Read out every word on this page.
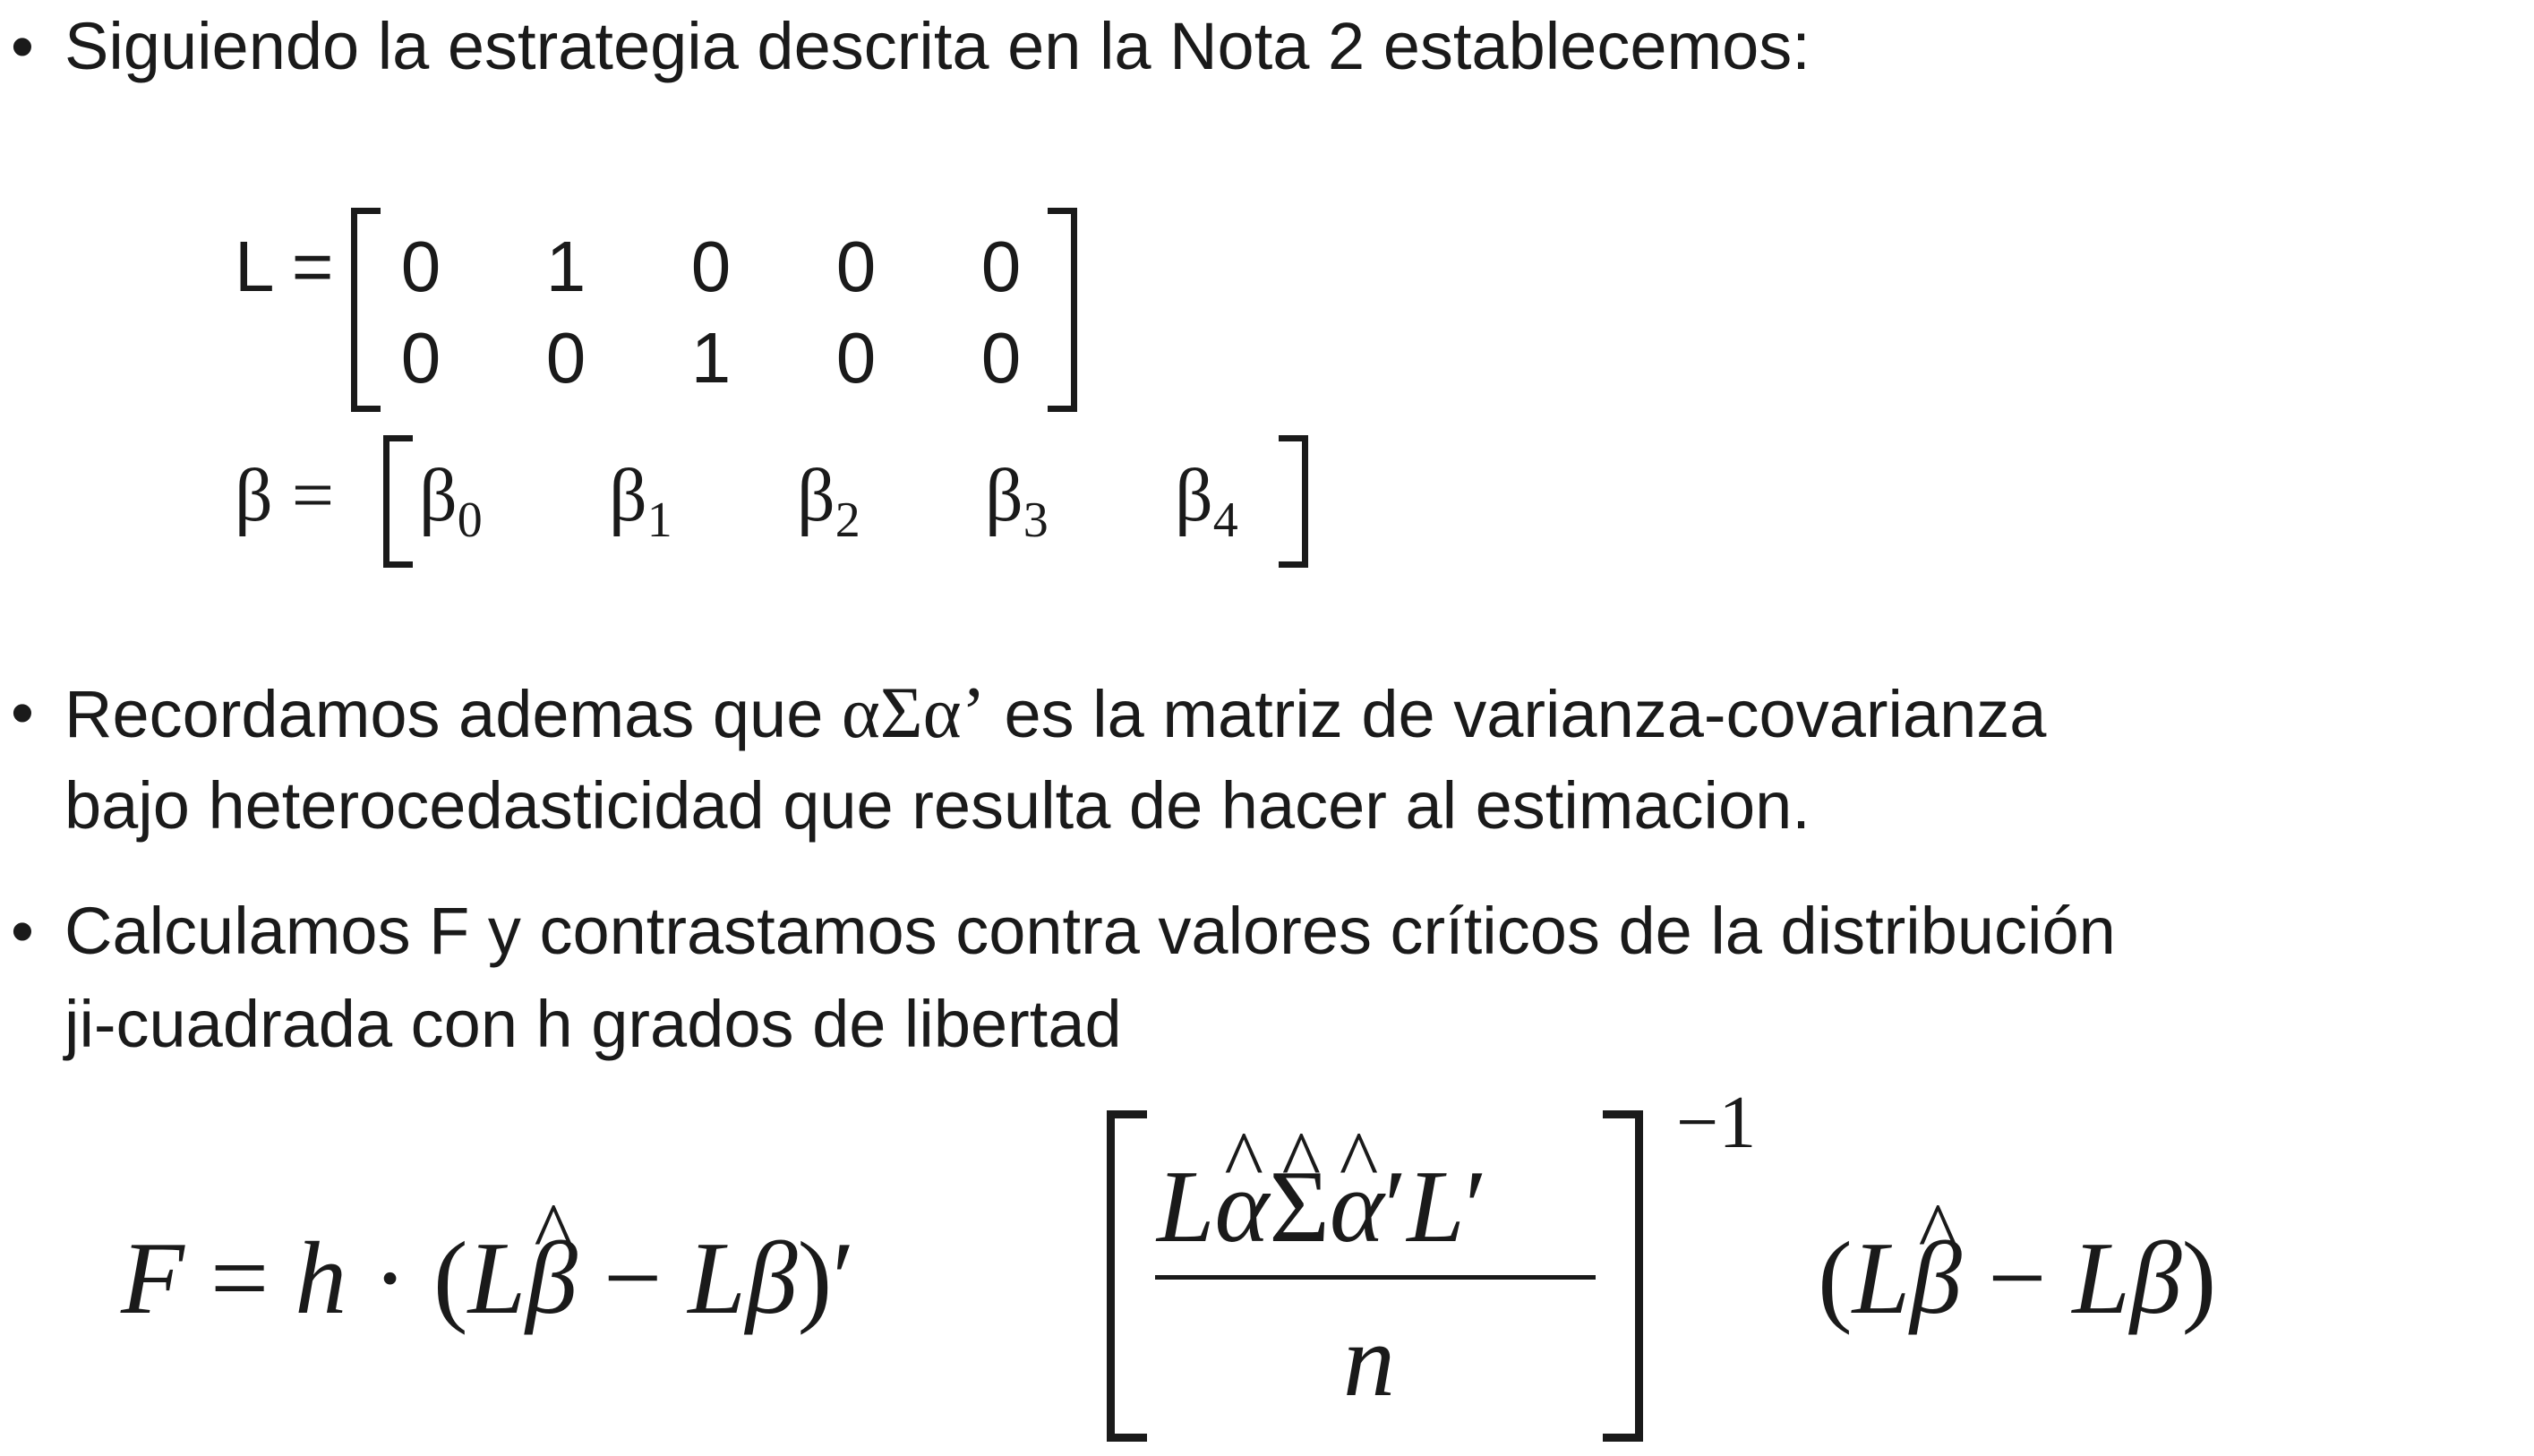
• Siguiendo la estrategia descrita en la Nota 2 establecemos:
L = 0 1 0 0 0
0 0 1 0 0
$\beta = \beta_0$ $\beta_1$ $\beta_2$ $\beta_3$ $\beta_4$
• Recordamos ademas que αΣα’ es la matriz de varianza-covarianza
bajo heterocedasticidad que resulta de hacer al estimacion.
• Calculamos F y contrastamos contra valores críticos de la distribución
ji-cuadrada con h grados de libertad
F = h · (L^ β − Lβ)′
L^ α^ Σ^ α′L′
n
−1
(L^ β − Lβ)
